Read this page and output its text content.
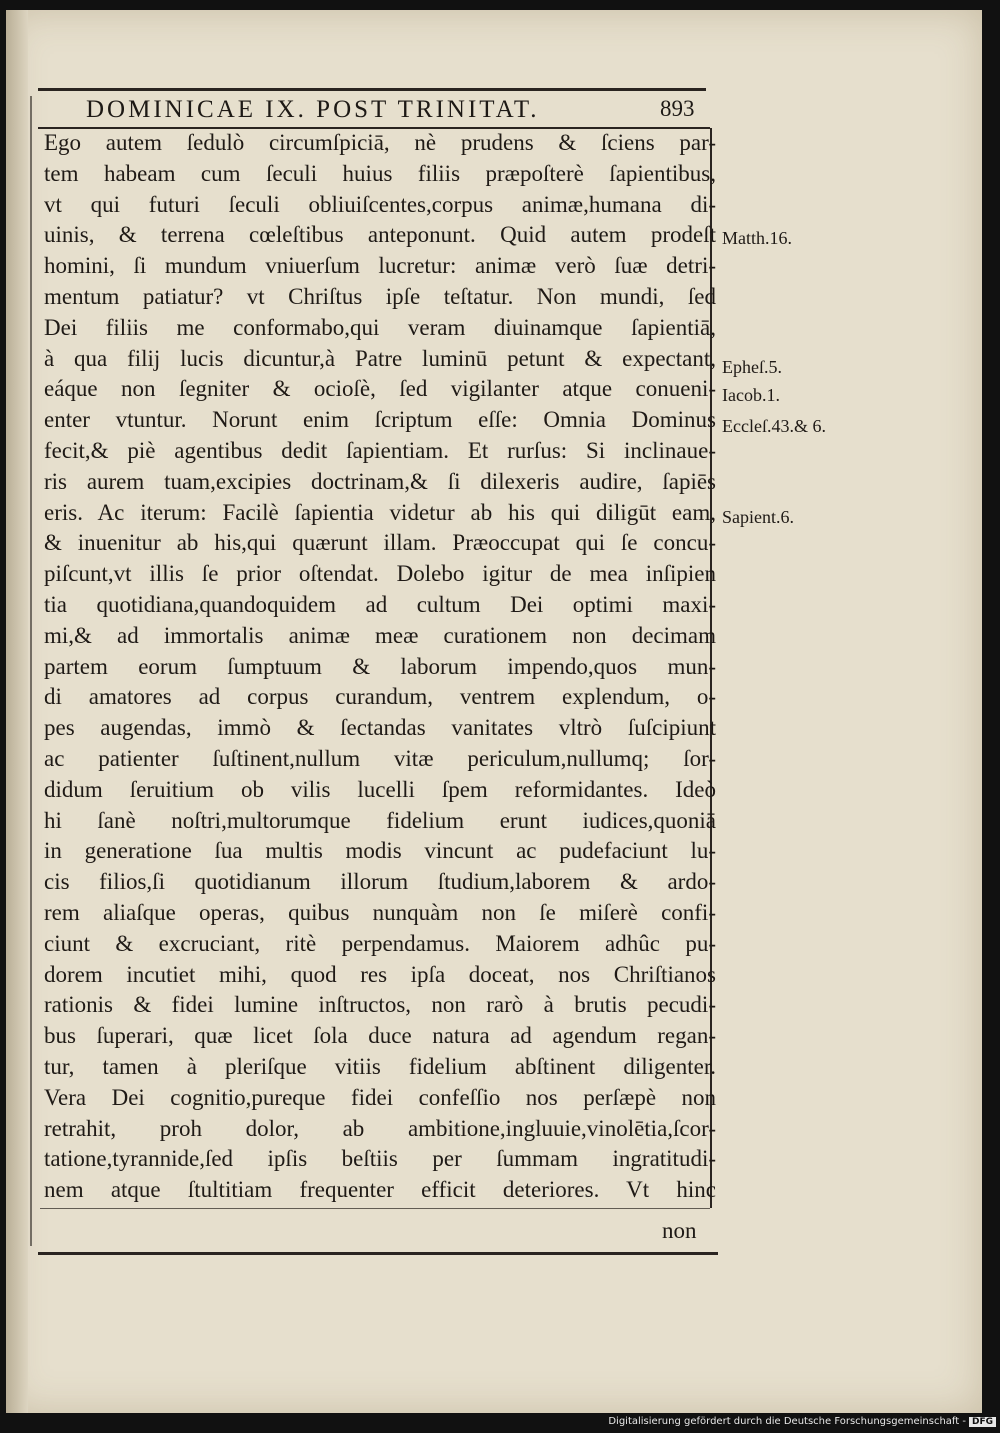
DOMINICAE IX. POST TRINITAT.	893
Ego autem ſedulò circumſpiciā, nè prudens & ſciens par-
tem habeam cum ſeculi huius filiis præpoſterè ſapientibus,
vt qui futuri ſeculi obliuiſcentes,corpus animæ,humana di-
uinis, & terrena cœleſtibus anteponunt. Quid autem prodeſt
homini, ſi mundum vniuerſum lucretur: animæ verò ſuæ detri-
mentum patiatur? vt Chriſtus ipſe teſtatur. Non mundi, ſed
Dei filiis me conformabo,qui veram diuinamque ſapientiā,
à qua filij lucis dicuntur,à Patre luminū petunt & expectant,
eáque non ſegniter & ocioſè, ſed vigilanter atque conueni-
enter vtuntur. Norunt enim ſcriptum eſſe: Omnia Dominus
fecit,& piè agentibus dedit ſapientiam. Et rurſus: Si inclinaue-
ris aurem tuam,excipies doctrinam,& ſi dilexeris audire, ſapiēs
eris. Ac iterum: Facilè ſapientia videtur ab his qui diligūt eam,
& inuenitur ab his,qui quærunt illam. Præoccupat qui ſe concu-
piſcunt,vt illis ſe prior oſtendat. Dolebo igitur de mea inſipien
tia quotidiana,quandoquidem ad cultum Dei optimi maxi-
mi,& ad immortalis animæ meæ curationem non decimam
partem eorum ſumptuum & laborum impendo,quos mun-
di amatores ad corpus curandum, ventrem explendum, o-
pes augendas, immò & ſectandas vanitates vltrò ſuſcipiunt
ac patienter ſuſtinent,nullum vitæ periculum,nullumq; ſor-
didum ſeruitium ob vilis lucelli ſpem reformidantes. Ideò
hi ſanè noſtri,multorumque fidelium erunt iudices,quoniā
in generatione ſua multis modis vincunt ac pudefaciunt lu-
cis filios,ſi quotidianum illorum ſtudium,laborem & ardo-
rem aliaſque operas, quibus nunquàm non ſe miſerè confi-
ciunt & excruciant, ritè perpendamus. Maiorem adhûc pu-
dorem incutiet mihi, quod res ipſa doceat, nos Chriſtianos
rationis & fidei lumine inſtructos, non rarò à brutis pecudi-
bus ſuperari, quæ licet ſola duce natura ad agendum regan-
tur, tamen à pleriſque vitiis fidelium abſtinent diligenter.
Vera Dei cognitio,pureque fidei confeſſio nos perſæpè non
retrahit, proh dolor, ab ambitione,ingluuie,vinolētia,ſcor-
tatione,tyrannide,ſed ipſis beſtiis per ſummam ingratitudi-
nem atque ſtultitiam frequenter efficit deteriores. Vt hinc
Matth.16.
Epheſ.5.
Iacob.1.
Eccleſ.43.& 6.
Sapient.6.
non
Digitalisierung gefördert durch die Deutsche Forschungsgemeinschaft - DFG
